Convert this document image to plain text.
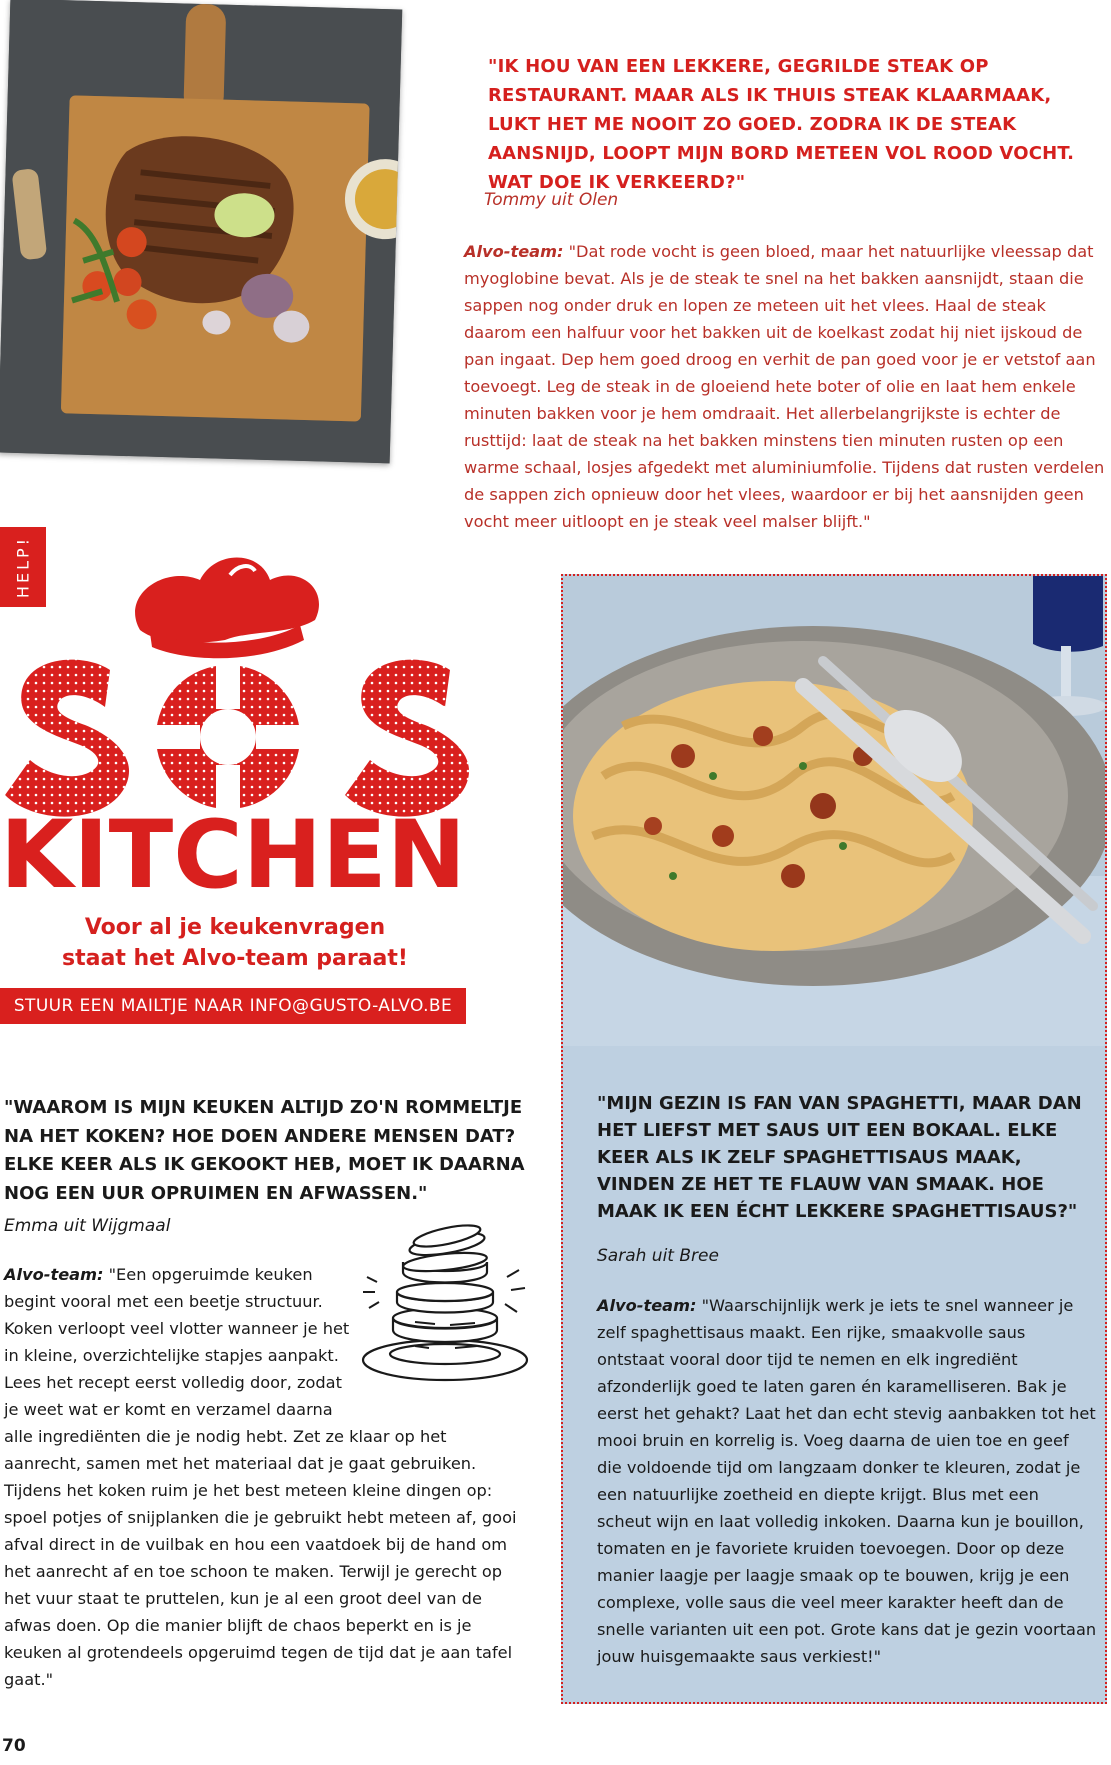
"IK HOU VAN EEN LEKKERE, GEGRILDE STEAK OP RESTAURANT. MAAR ALS IK THUIS STEAK KLAARMAAK, LUKT HET ME NOOIT ZO GOED. ZODRA IK DE STEAK AANSNIJD, LOOPT MIJN BORD METEEN VOL ROOD VOCHT. WAT DOE IK VERKEERD?"
Tommy uit Olen
Alvo-team: "Dat rode vocht is geen bloed, maar het natuurlijke vleessap dat myoglobine bevat. Als je de steak te snel na het bakken aansnijdt, staan die sappen nog onder druk en lopen ze meteen uit het vlees. Haal de steak daarom een halfuur voor het bakken uit de koelkast zodat hij niet ijskoud de pan ingaat. Dep hem goed droog en verhit de pan goed voor je er vetstof aan toevoegt. Leg de steak in de gloeiend hete boter of olie en laat hem enkele minuten bakken voor je hem omdraait. Het allerbelangrijkste is echter de rusttijd: laat de steak na het bakken minstens tien minuten rusten op een warme schaal, losjes afgedekt met aluminiumfolie. Tijdens dat rusten verdelen de sappen zich opnieuw door het vlees, waardoor er bij het aansnijden geen vocht meer uitloopt en je steak veel malser blijft."
HELP!
KITCHEN
Voor al je keukenvragen
staat het Alvo-team paraat!
STUUR EEN MAILTJE NAAR INFO@GUSTO-ALVO.BE
"MIJN GEZIN IS FAN VAN SPAGHETTI, MAAR DAN HET LIEFST MET SAUS UIT EEN BOKAAL. ELKE KEER ALS IK ZELF SPAGHETTISAUS MAAK, VINDEN ZE HET TE FLAUW VAN SMAAK. HOE MAAK IK EEN ÉCHT LEKKERE SPAGHETTISAUS?"
Sarah uit Bree
Alvo-team: "Waarschijnlijk werk je iets te snel wanneer je zelf spaghettisaus maakt. Een rijke, smaakvolle saus ontstaat vooral door tijd te nemen en elk ingrediënt afzonderlijk goed te laten garen én karamelliseren. Bak je eerst het gehakt? Laat het dan echt stevig aanbakken tot het mooi bruin en korrelig is. Voeg daarna de uien toe en geef die voldoende tijd om langzaam donker te kleuren, zodat je een natuurlijke zoetheid en diepte krijgt. Blus met een scheut wijn en laat volledig inkoken. Daarna kun je bouillon, tomaten en je favoriete kruiden toevoegen. Door op deze manier laagje per laagje smaak op te bouwen, krijg je een complexe, volle saus die veel meer karakter heeft dan de snelle varianten uit een pot. Grote kans dat je gezin voortaan jouw huisgemaakte saus verkiest!"
"WAAROM IS MIJN KEUKEN ALTIJD ZO'N ROMMELTJE NA HET KOKEN? HOE DOEN ANDERE MENSEN DAT? ELKE KEER ALS IK GEKOOKT HEB, MOET IK DAARNA NOG EEN UUR OPRUIMEN EN AFWASSEN."
Emma uit Wijgmaal
Alvo-team: "Een opgeruimde keuken begint vooral met een beetje structuur. Koken verloopt veel vlotter wanneer je het in kleine, overzichtelijke stapjes aanpakt. Lees het recept eerst volledig door, zodat je weet wat er komt en verzamel daarna alle ingrediënten die je nodig hebt. Zet ze klaar op het aanrecht, samen met het materiaal dat je gaat gebruiken. Tijdens het koken ruim je het best meteen kleine dingen op: spoel potjes of snijplanken die je gebruikt hebt meteen af, gooi afval direct in de vuilbak en hou een vaatdoek bij de hand om het aanrecht af en toe schoon te maken. Terwijl je gerecht op het vuur staat te pruttelen, kun je al een groot deel van de afwas doen. Op die manier blijft de chaos beperkt en is je keuken al grotendeels opgeruimd tegen de tijd dat je aan tafel gaat."
70
